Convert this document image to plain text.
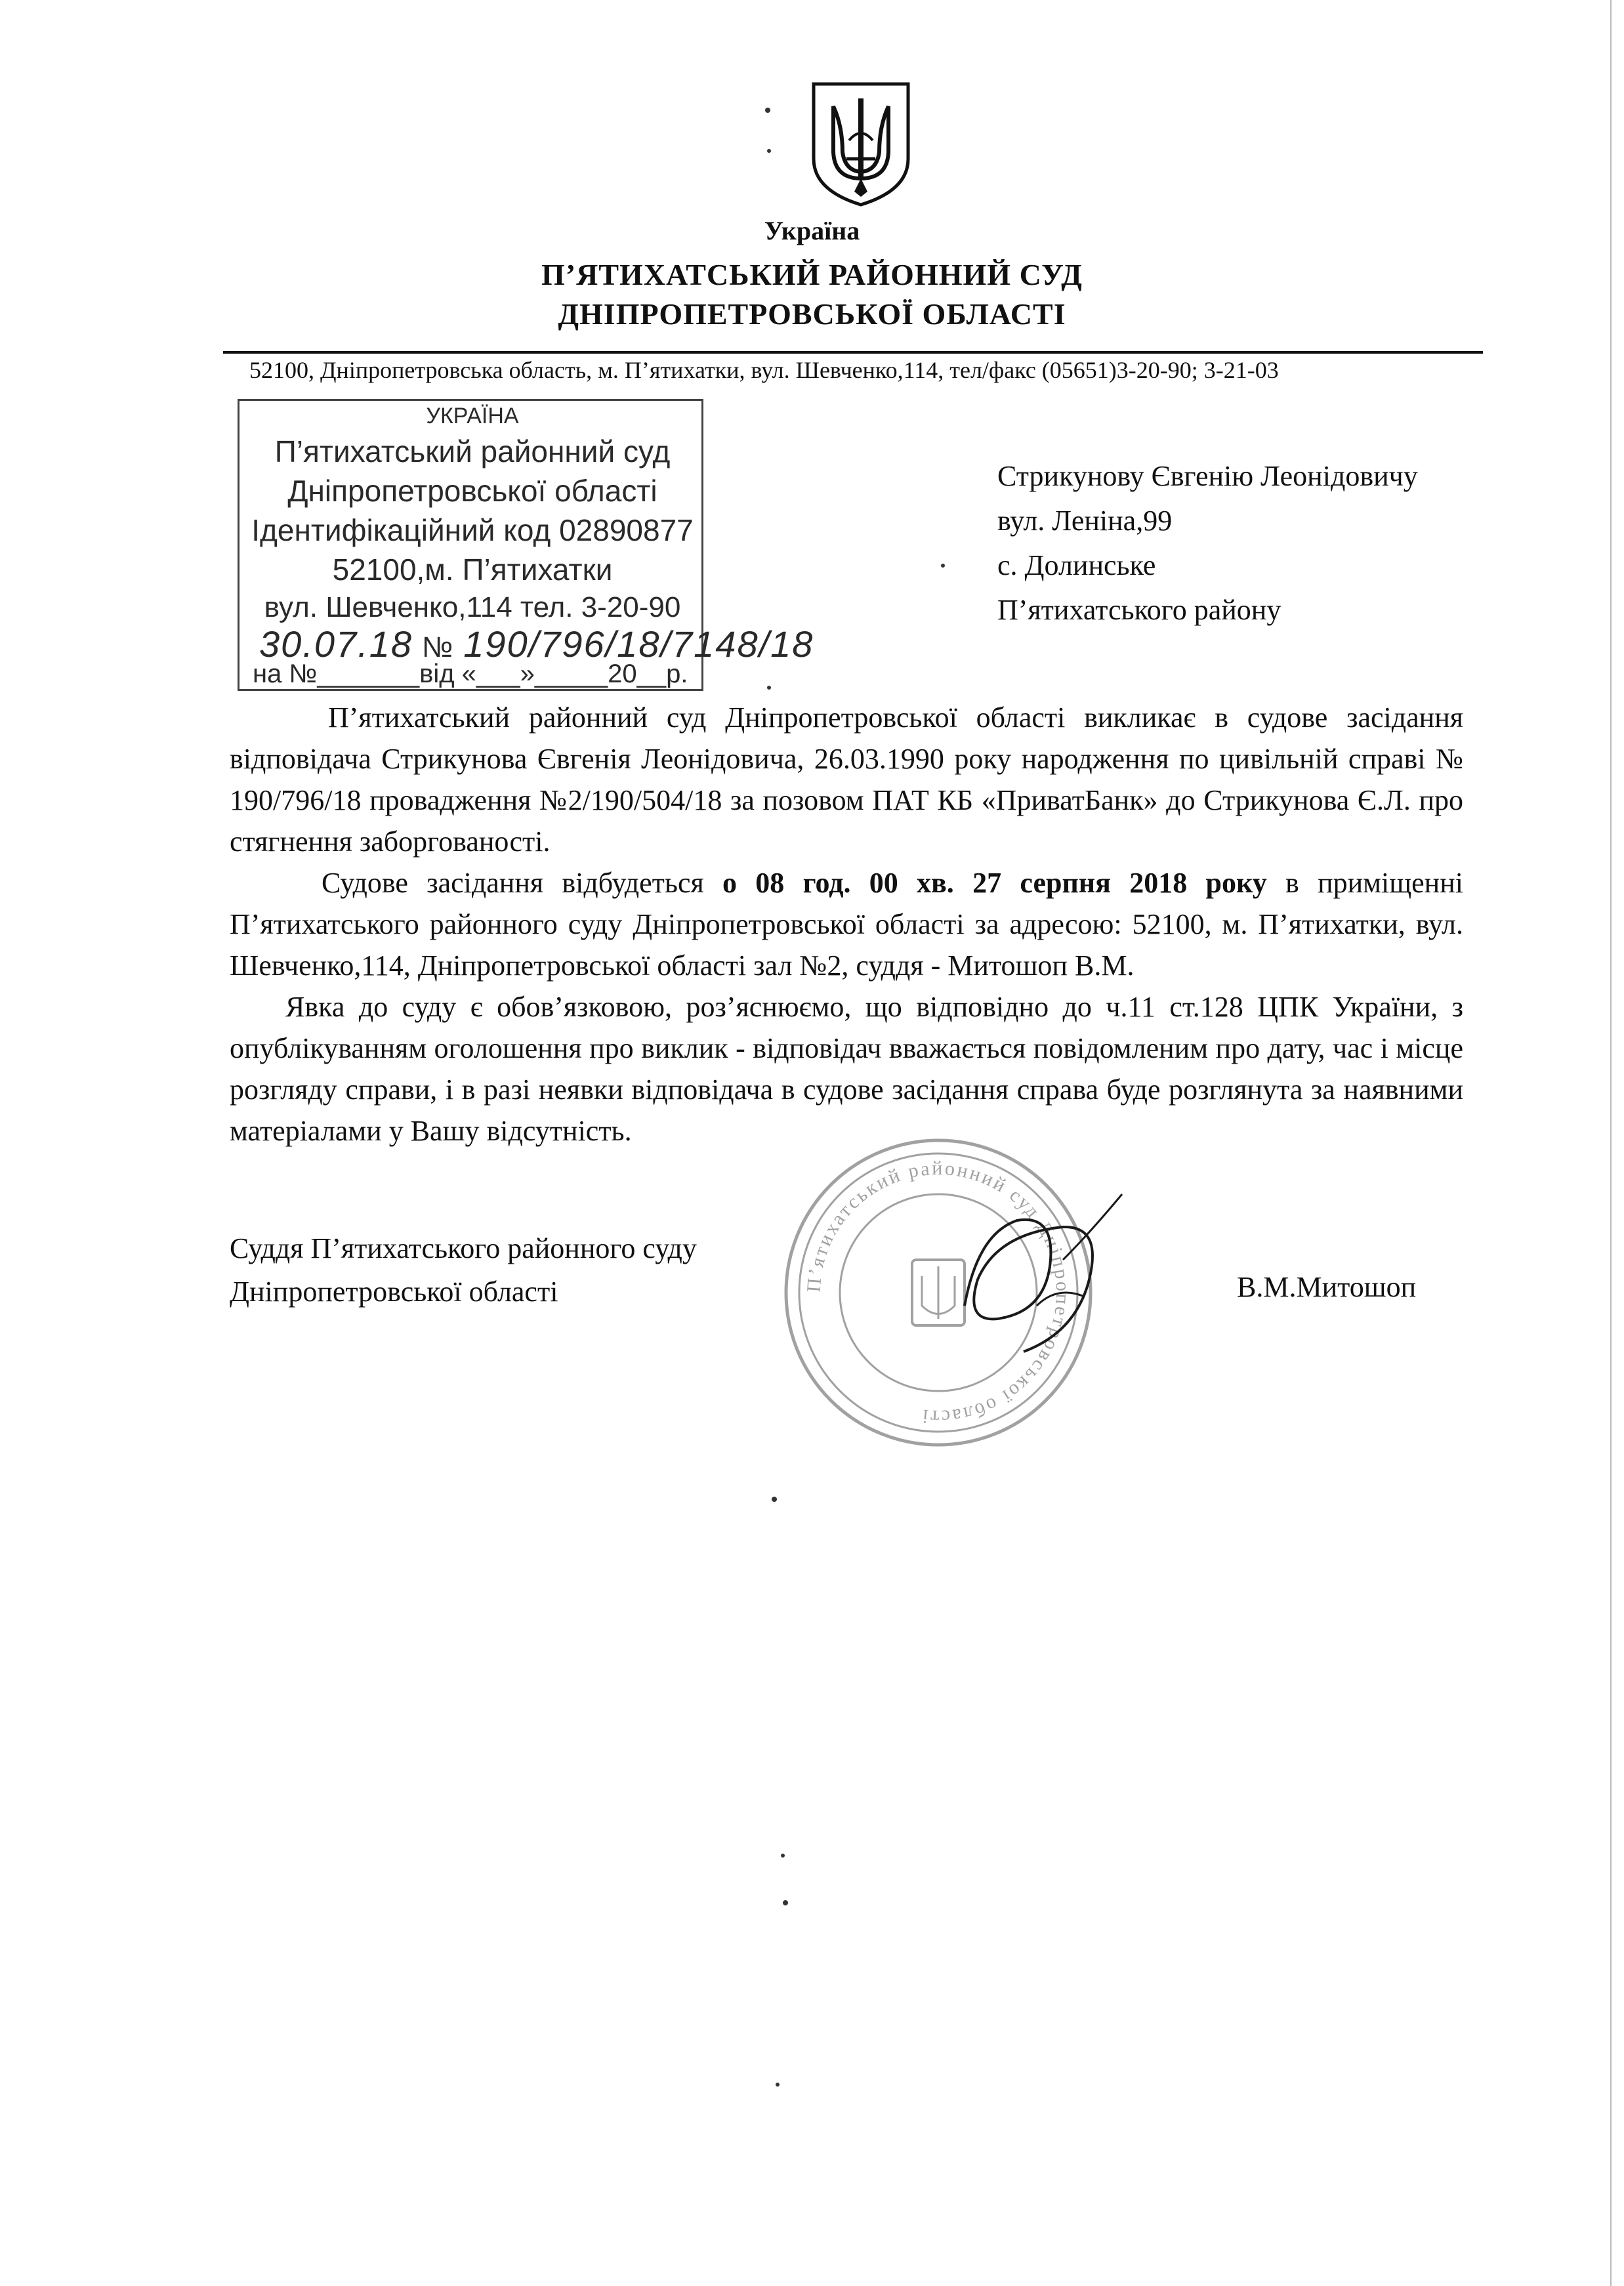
Україна
П’ЯТИХАТСЬКИЙ РАЙОННИЙ СУД
ДНІПРОПЕТРОВСЬКОЇ ОБЛАСТІ
52100, Дніпропетровська область, м. П’ятихатки, вул. Шевченко,114, тел/факс (05651)3-20-90; 3-21-03
УКРАЇНА
П’ятихатський районний суд
Дніпропетровської області
Ідентифікаційний код 02890877
52100,м. П’ятихатки
вул. Шевченко,114 тел. 3-20-90
30.07.18 № 190/796/18/7148/18
на №_______від «___»_____20__р.
Стрикунову Євгенію Леонідовичу
вул. Леніна,99
с. Долинське
П’ятихатського району

П’ятихатський районний суд Дніпропетровської області викликає в судове засідання відповідача Стрикунова Євгенія Леонідовича, 26.03.1990 року народження по цивільній справі № 190/796/18 провадження №2/190/504/18 за позовом ПАТ КБ «ПриватБанк» до Стрикунова Є.Л. про стягнення заборгованості.

Судове засідання відбудеться о 08 год. 00 хв. 27 серпня 2018 року в приміщенні П’ятихатського районного суду Дніпропетровської області за адресою: 52100, м. П’ятихатки, вул. Шевченко,114, Дніпропетровської області зал №2, суддя - Митошоп В.М.

Явка до суду є обов’язковою, роз’яснюємо, що відповідно до ч.11 ст.128 ЦПК України, з опублікуванням оголошення про виклик - відповідач вважається повідомленим про дату, час і місце розгляду справи, і в разі неявки відповідача в судове засідання справа буде розглянута за наявними матеріалами у Вашу відсутність.

П’ятихатський районний суд Дніпропетровської області
Суддя П’ятихатського районного суду
Дніпропетровської області	В.М.Митошоп
